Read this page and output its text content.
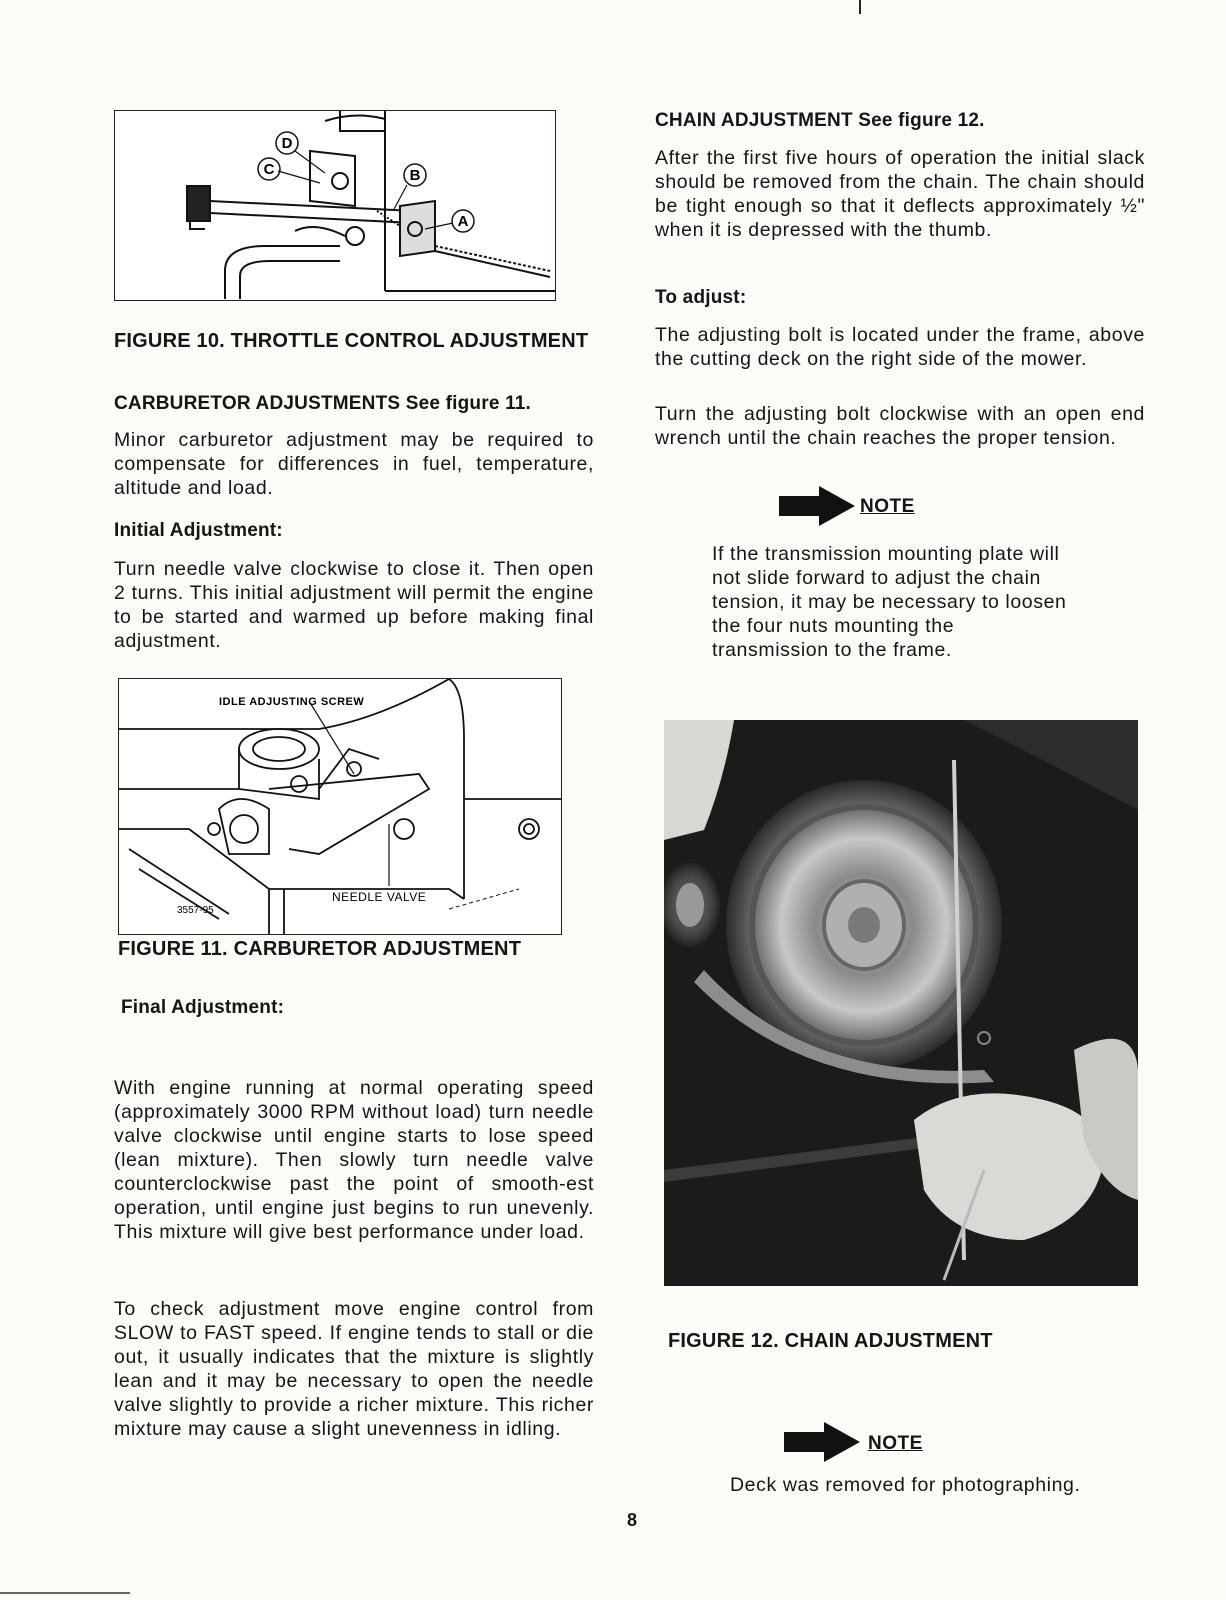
D
C	B
A

FIGURE 10. THROTTLE CONTROL ADJUSTMENT

CARBURETOR ADJUSTMENTS See figure 11.

Minor carburetor adjustment may be required to compensate for differences in fuel, temperature, altitude and load.

Initial Adjustment:

Turn needle valve clockwise to close it. Then open 2 turns. This initial adjustment will permit the engine to be started and warmed up before making final adjustment.

IDLE ADJUSTING SCREW
NEEDLE VALVE
3557-95

FIGURE 11. CARBURETOR ADJUSTMENT

Final Adjustment:

With engine running at normal operating speed (approximately 3000 RPM without load) turn needle valve clockwise until engine starts to lose speed (lean mixture). Then slowly turn needle valve counterclockwise past the point of smooth-est operation, until engine just begins to run unevenly. This mixture will give best performance under load.

To check adjustment move engine control from SLOW to FAST speed. If engine tends to stall or die out, it usually indicates that the mixture is slightly lean and it may be necessary to open the needle valve slightly to provide a richer mixture. This richer mixture may cause a slight unevenness in idling.

CHAIN ADJUSTMENT See figure 12.

After the first five hours of operation the initial slack should be removed from the chain. The chain should be tight enough so that it deflects approximately ½" when it is depressed with the thumb.

To adjust:

The adjusting bolt is located under the frame, above the cutting deck on the right side of the mower.

Turn the adjusting bolt clockwise with an open end wrench until the chain reaches the proper tension.

NOTE

If the transmission mounting plate will not slide forward to adjust the chain tension, it may be necessary to loosen the four nuts mounting the transmission to the frame.

FIGURE 12. CHAIN ADJUSTMENT

NOTE

Deck was removed for photographing.

8
